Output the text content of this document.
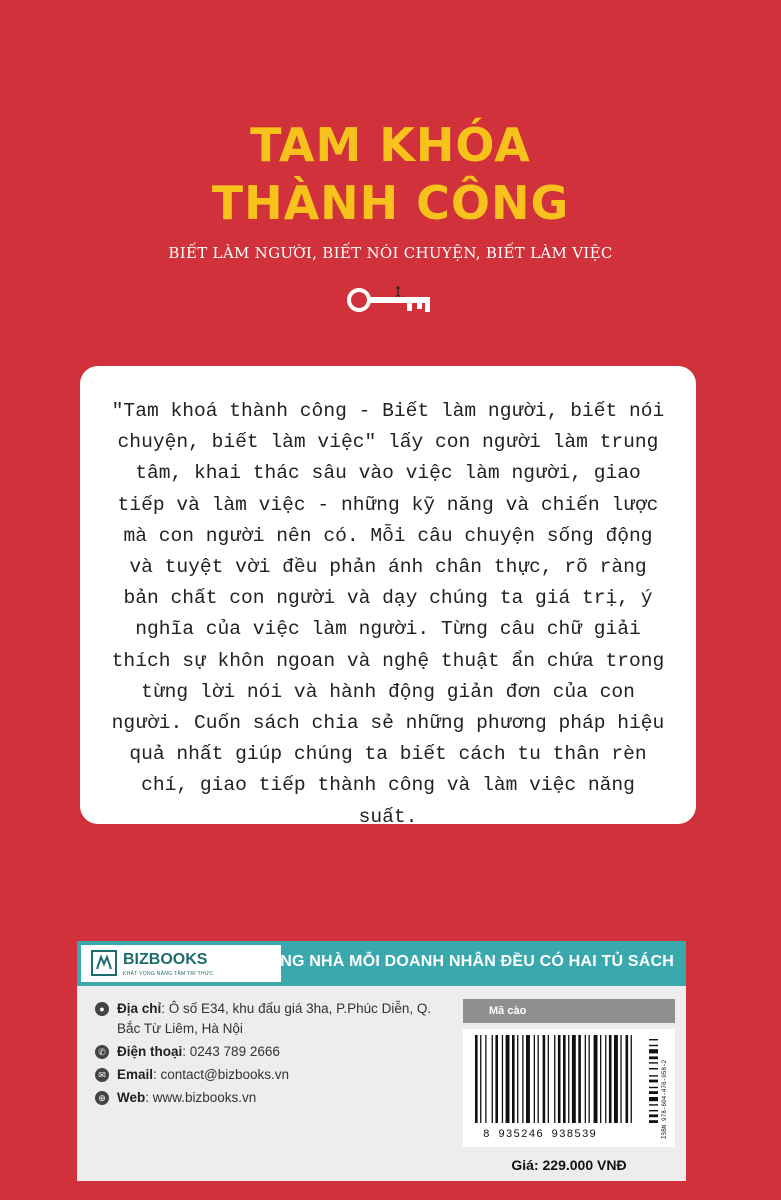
TAM KHÓA
THÀNH CÔNG
BIẾT LÀM NGƯỜI, BIẾT NÓI CHUYỆN, BIẾT LÀM VIỆC
"Tam khoá thành công - Biết làm người, biết nói chuyện, biết làm việc" lấy con người làm trung tâm, khai thác sâu vào việc làm người, giao tiếp và làm việc - những kỹ năng và chiến lược mà con người nên có. Mỗi câu chuyện sống động và tuyệt vời đều phản ánh chân thực, rõ ràng bản chất con người và dạy chúng ta giá trị, ý nghĩa của việc làm người. Từng câu chữ giải thích sự khôn ngoan và nghệ thuật ẩn chứa trong từng lời nói và hành động giản đơn của con người. Cuốn sách chia sẻ những phương pháp hiệu quả nhất giúp chúng ta biết cách tu thân rèn chí, giao tiếp thành công và làm việc năng suất.
BIZBOOKS
KHÁT VỌNG NÂNG TẦM TRI THỨC
TRONG NHÀ MỖI DOANH NHÂN ĐỀU CÓ HAI TỦ SÁCH
● Địa chỉ: Ô số E34, khu đấu giá 3ha, P.Phúc Diễn, Q. Bắc Từ Liêm, Hà Nội
✆ Điện thoại: 0243 789 2666
✉ Email: contact@bizbooks.vn
⊕ Web: www.bizbooks.vn
Mã cào
8 935246 938539	ISBN 978-604-476-058-2
Giá: 229.000 VNĐ
